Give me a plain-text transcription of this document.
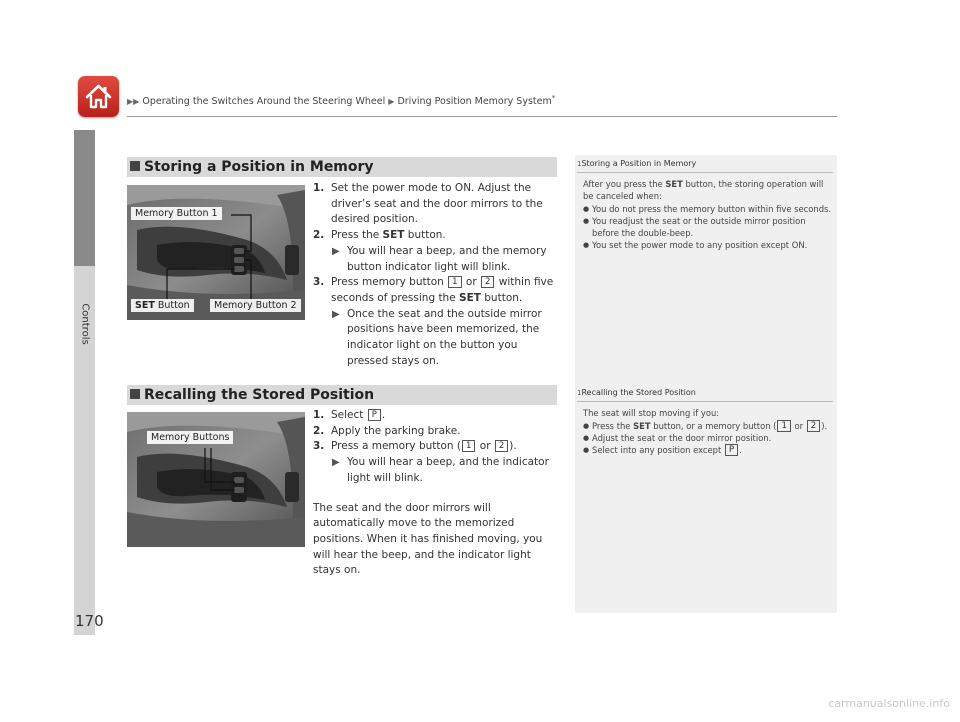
▶▶ Operating the Switches Around the Steering Wheel ▶ Driving Position Memory System*
Controls
Storing a Position in Memory
Memory Button 1
SET Button	Memory Button 2
1. Set the power mode to ON. Adjust the driver’s seat and the door mirrors to the desired position.
2. Press the SET button.
▶ You will hear a beep, and the memory button indicator light will blink.
3. Press memory button 1 or 2 within five seconds of pressing the SET button.
▶ Once the seat and the outside mirror positions have been memorized, the indicator light on the button you pressed stays on.
1Storing a Position in Memory
After you press the SET button, the storing operation will be canceled when:
● You do not press the memory button within five seconds.
● You readjust the seat or the outside mirror position before the double-beep.
● You set the power mode to any position except ON.
Recalling the Stored Position
Memory Buttons
1. Select P .
2. Apply the parking brake.
3. Press a memory button ( 1 or 2 ).
▶ You will hear a beep, and the indicator light will blink.
The seat and the door mirrors will automatically move to the memorized positions. When it has finished moving, you will hear the beep, and the indicator light stays on.
1Recalling the Stored Position
The seat will stop moving if you:
● Press the SET button, or a memory button ( 1 or 2 ).
● Adjust the seat or the door mirror position.
● Select into any position except P .
170
carmanualsonline.info
